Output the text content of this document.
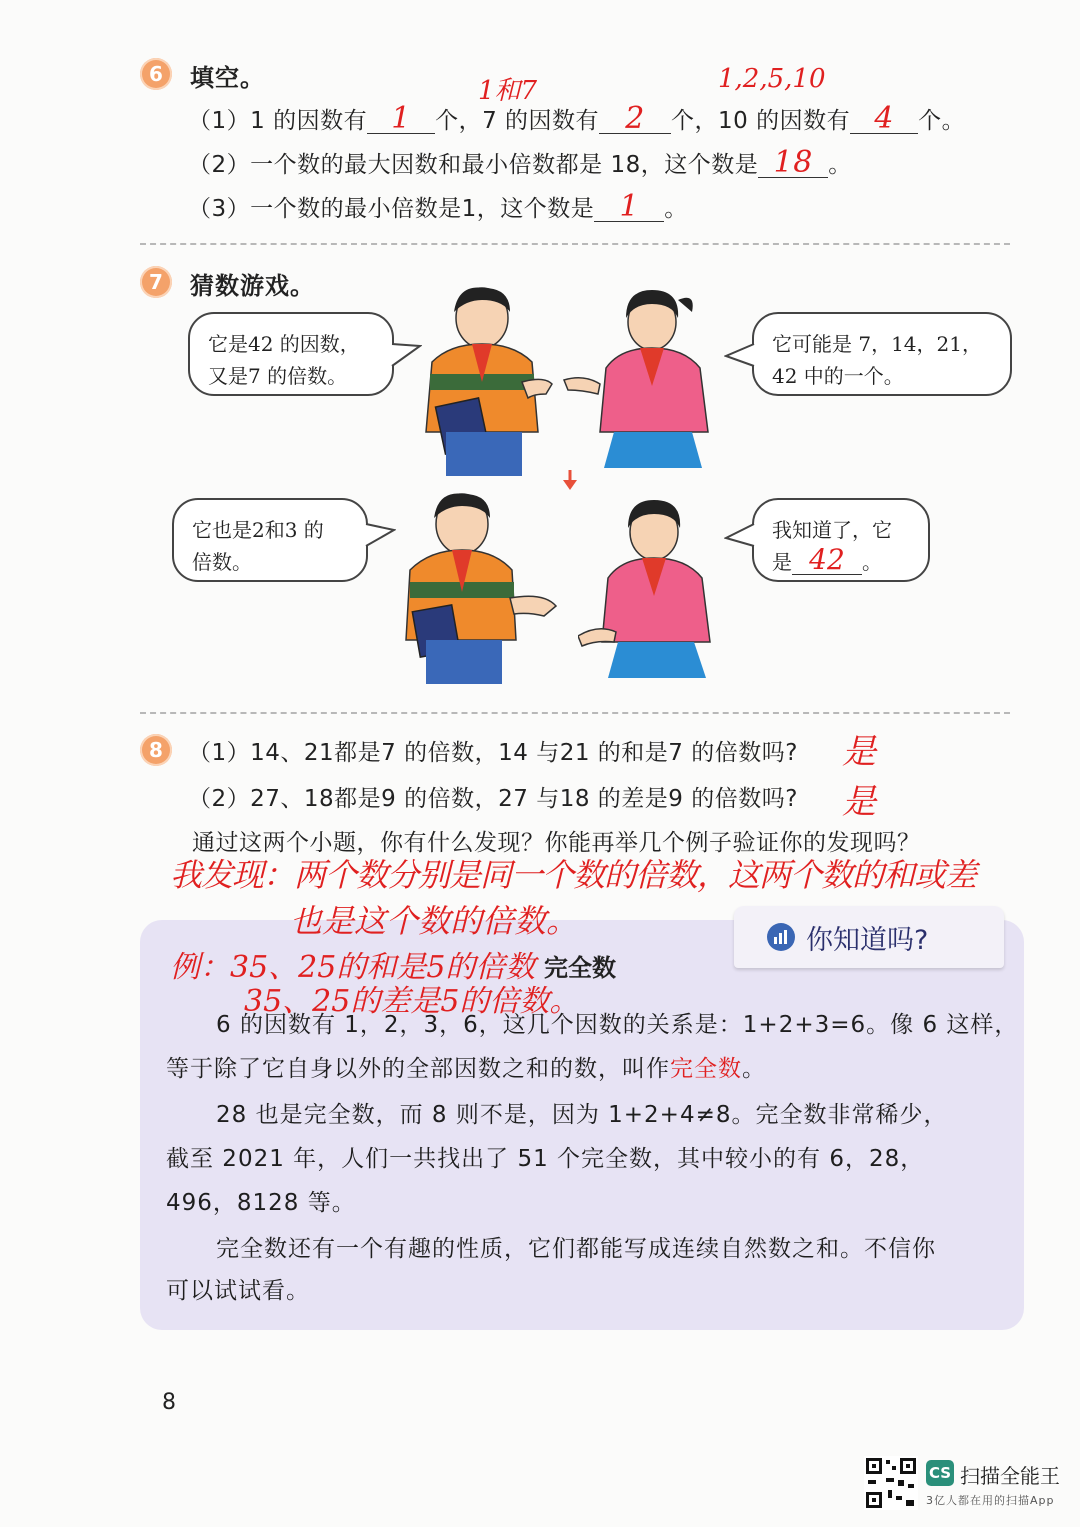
6	填空。	1和7	1,2,5,10
（1）1 的因数有 1 个，7 的因数有 2 个，10 的因数有 4 个。
（2）一个数的最大因数和最小倍数都是 18，这个数是 18 。
（3）一个数的最小倍数是1，这个数是 1 。
7	猜数游戏。
它是42 的因数，
又是7 的倍数。
它可能是 7，14，21，
42 中的一个。
它也是2和3 的
倍数。
我知道了，它
是 42 。
8	（1）14、21都是7 的倍数，14 与21 的和是7 的倍数吗? 是
（2）27、18都是9 的倍数，27 与18 的差是9 的倍数吗? 是
通过这两个小题，你有什么发现？你能再举几个例子验证你的发现吗？
我发现：两个数分别是同一个数的倍数，这两个数的和或差
你知道吗?
也是这个数的倍数。
完全数
例：35、25的和是5的倍数
35、25的差是5的倍数。
6 的因数有 1，2，3，6，这几个因数的关系是：1+2+3=6。像 6 这样，
等于除了它自身以外的全部因数之和的数，叫作完全数。
28 也是完全数，而 8 则不是，因为 1+2+4≠8。完全数非常稀少，
截至 2021 年，人们一共找出了 51 个完全数，其中较小的有 6，28，
496，8128 等。
完全数还有一个有趣的性质，它们都能写成连续自然数之和。不信你
可以试试看。
8
CS 扫描全能王
3亿人都在用的扫描App
